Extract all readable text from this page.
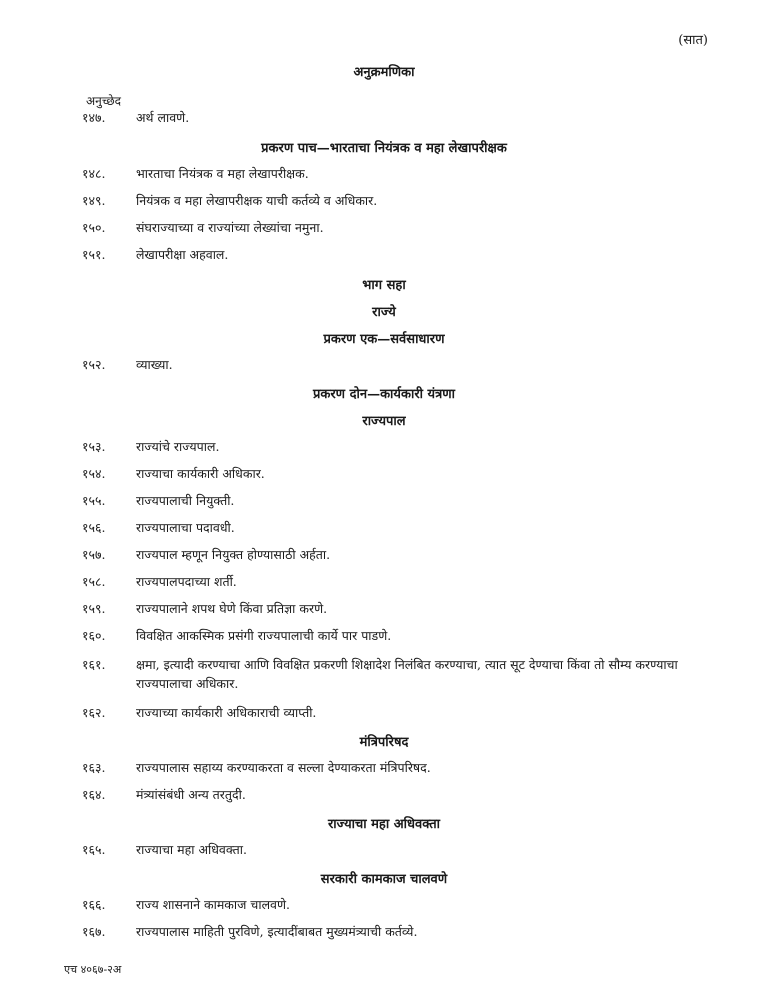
(सात)
अनुक्रमणिका
अनुच्छेद
१४७.	अर्थ लावणे.
प्रकरण पाच—भारताचा नियंत्रक व महा लेखापरीक्षक
१४८.	भारताचा नियंत्रक व महा लेखापरीक्षक.
१४९.	नियंत्रक व महा लेखापरीक्षक याची कर्तव्ये व अधिकार.
१५०.	संघराज्याच्या व राज्यांच्या लेख्यांचा नमुना.
१५१.	लेखापरीक्षा अहवाल.
भाग सहा
राज्ये
प्रकरण एक—सर्वसाधारण
१५२.	व्याख्या.
प्रकरण दोन—कार्यकारी यंत्रणा
राज्यपाल
१५३.	राज्यांचे राज्यपाल.
१५४.	राज्याचा कार्यकारी अधिकार.
१५५.	राज्यपालाची नियुक्ती.
१५६.	राज्यपालाचा पदावधी.
१५७.	राज्यपाल म्हणून नियुक्त होण्यासाठी अर्हता.
१५८.	राज्यपालपदाच्या शर्ती.
१५९.	राज्यपालाने शपथ घेणे किंवा प्रतिज्ञा करणे.
१६०.	विवक्षित आकस्मिक प्रसंगी राज्यपालाची कार्ये पार पाडणे.
१६१.	क्षमा, इत्यादी करण्याचा आणि विवक्षित प्रकरणी शिक्षादेश निलंबित करण्याचा, त्यात सूट देण्याचा किंवा तो सौम्य करण्याचा राज्यपालाचा अधिकार.
१६२.	राज्याच्या कार्यकारी अधिकाराची व्याप्ती.
मंत्रिपरिषद
१६३.	राज्यपालास सहाय्य करण्याकरता व सल्ला देण्याकरता मंत्रिपरिषद.
१६४.	मंत्र्यांसंबंधी अन्य तरतुदी.
राज्याचा महा अधिवक्ता
१६५.	राज्याचा महा अधिवक्ता.
सरकारी कामकाज चालवणे
१६६.	राज्य शासनाने कामकाज चालवणे.
१६७.	राज्यपालास माहिती पुरविणे, इत्यादींबाबत मुख्यमंत्र्याची कर्तव्ये.
एच ४०६७-२अ
